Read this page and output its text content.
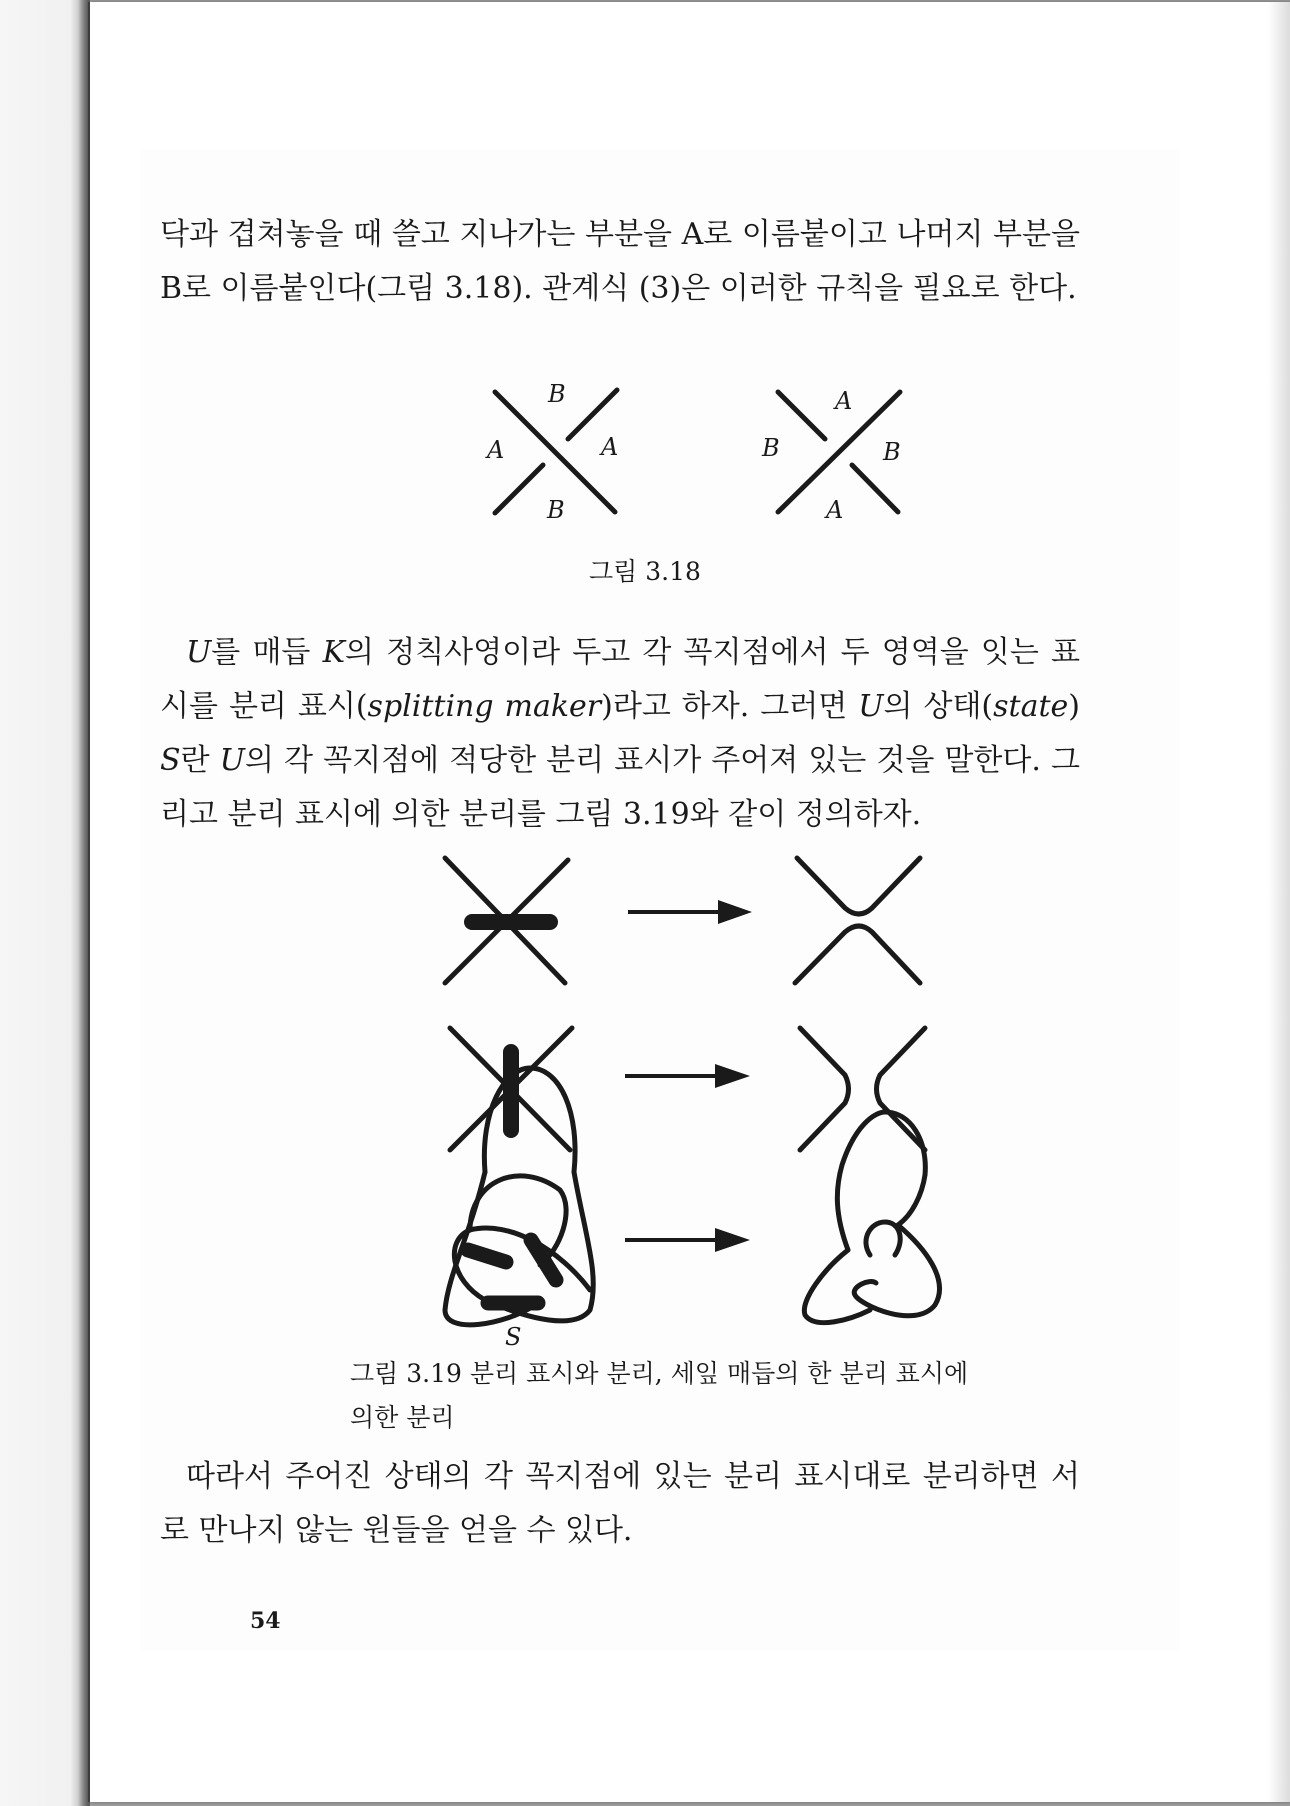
닥과 겹쳐놓을 때 쓸고 지나가는 부분을 A로 이름붙이고 나머지 부분을 B로 이름붙인다(그림 3.18). 관계식 (3)은 이러한 규칙을 필요로 한다.

B
A	A
B
A
B	B
A
S
그림 3.18

U를 매듭 K의 정칙사영이라 두고 각 꼭지점에서 두 영역을 잇는 표시를 분리 표시(splitting maker)라고 하자. 그러면 U의 상태(state) S란 U의 각 꼭지점에 적당한 분리 표시가 주어져 있는 것을 말한다. 그리고 분리 표시에 의한 분리를 그림 3.19와 같이 정의하자.

그림 3.19 분리 표시와 분리, 세잎 매듭의 한 분리 표시에
의한 분리

따라서 주어진 상태의 각 꼭지점에 있는 분리 표시대로 분리하면 서로 만나지 않는 원들을 얻을 수 있다.

54
